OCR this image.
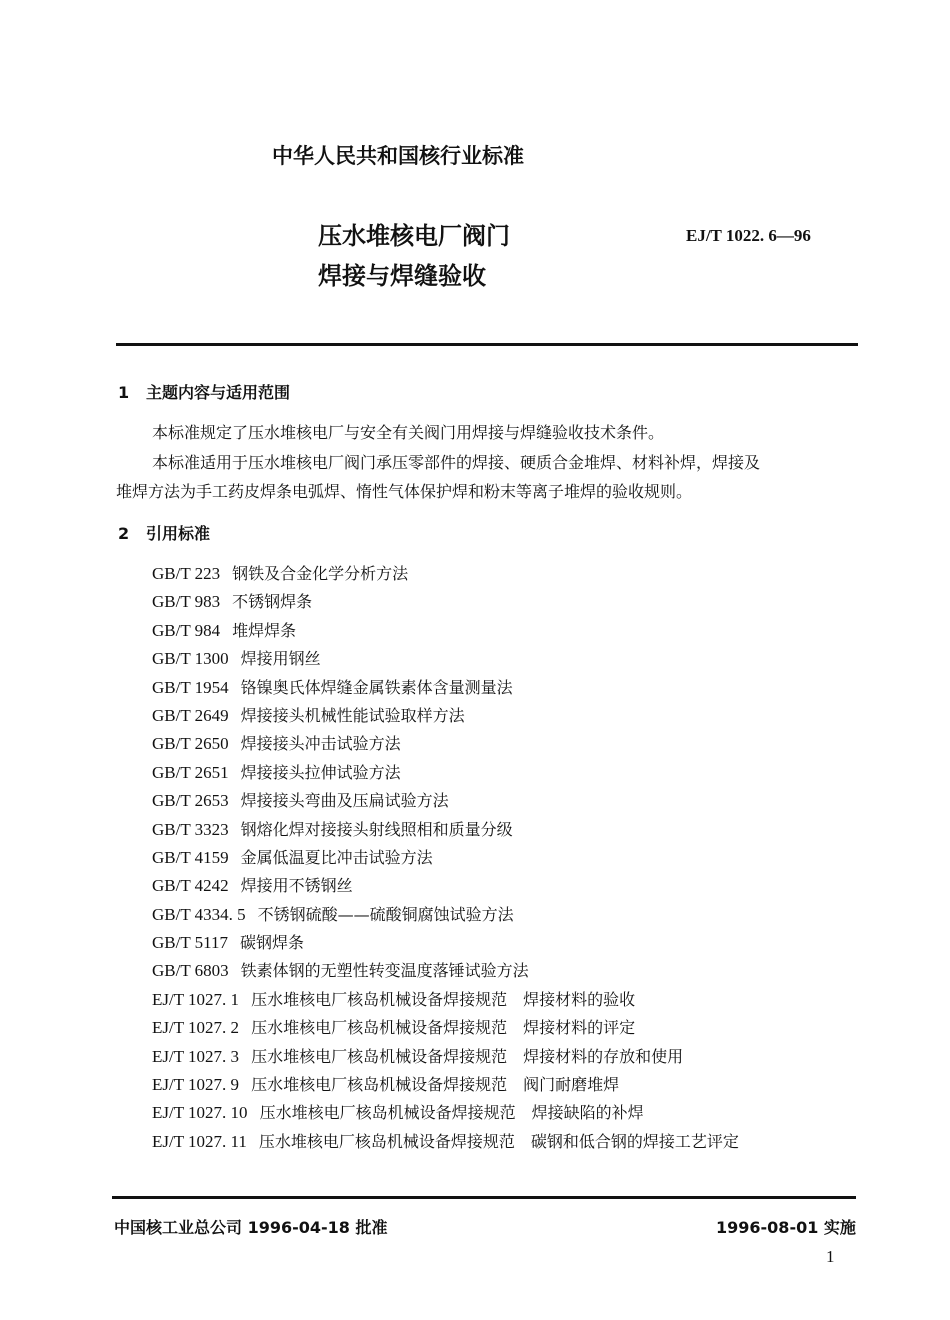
中华人民共和国核行业标准
压水堆核电厂阀门
焊接与焊缝验收
EJ/T 1022. 6—96
1 主题内容与适用范围
本标准规定了压水堆核电厂与安全有关阀门用焊接与焊缝验收技术条件。
本标准适用于压水堆核电厂阀门承压零部件的焊接、硬质合金堆焊、材料补焊，焊接及
堆焊方法为手工药皮焊条电弧焊、惰性气体保护焊和粉末等离子堆焊的验收规则。
2 引用标准
GB/T 223 钢铁及合金化学分析方法
GB/T 983 不锈钢焊条
GB/T 984 堆焊焊条
GB/T 1300 焊接用钢丝
GB/T 1954 铬镍奥氏体焊缝金属铁素体含量测量法
GB/T 2649 焊接接头机械性能试验取样方法
GB/T 2650 焊接接头冲击试验方法
GB/T 2651 焊接接头拉伸试验方法
GB/T 2653 焊接接头弯曲及压扁试验方法
GB/T 3323 钢熔化焊对接接头射线照相和质量分级
GB/T 4159 金属低温夏比冲击试验方法
GB/T 4242 焊接用不锈钢丝
GB/T 4334. 5 不锈钢硫酸——硫酸铜腐蚀试验方法
GB/T 5117 碳钢焊条
GB/T 6803 铁素体钢的无塑性转变温度落锤试验方法
EJ/T 1027. 1 压水堆核电厂核岛机械设备焊接规范　焊接材料的验收
EJ/T 1027. 2 压水堆核电厂核岛机械设备焊接规范　焊接材料的评定
EJ/T 1027. 3 压水堆核电厂核岛机械设备焊接规范　焊接材料的存放和使用
EJ/T 1027. 9 压水堆核电厂核岛机械设备焊接规范　阀门耐磨堆焊
EJ/T 1027. 10 压水堆核电厂核岛机械设备焊接规范　焊接缺陷的补焊
EJ/T 1027. 11 压水堆核电厂核岛机械设备焊接规范　碳钢和低合钢的焊接工艺评定
中国核工业总公司 1996-04-18 批准	1996-08-01 实施
1
